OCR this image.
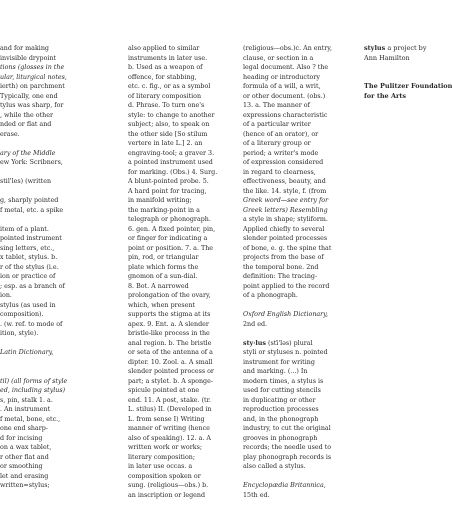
and for making
invisible drypoint
tions (glosses in the
ular, liturgical notes,
ierth) on parchment
Typically, one end
tylus was sharp, for
, while the other
nded or flat and
erase.
ary of the Middle
ew York: Scribners,
stil'les) (written
g, sharply pointed
f metal, etc. a spike
item of a plant.
pointed instrument
sing letters, etc.,
x tablet, stylus. b.
r of the stylus (i.e.
ion or practice of
; esp. as a branch of
ion.
stylus (as used in
composition).
. (w. ref. to mode of
ition, style).
Latin Dictionary,
til) (all forms of style
ed, including stylus)
s, pin, stalk 1. a.
. An instrument
f metal, bone, etc.,
one end sharp-
d for incising
on a wax tablet,
r other flat and
or smoothing
let and erasing
written=stylus;
also applied to similar
instruments in later use.
b. Used as a weapon of
offence, for stabbing,
etc. c. fig., or as a symbol
of literary composition
d. Phrase. To turn one's
style: to change to another
subject; also, to speak on
the other side [So stilum
vertere in late L.] 2. an
engraving-tool; a graver 3.
a pointed instrument used
for marking. (Obs.) 4. Surg.
A blunt-pointed probe. 5.
A hard point for tracing,
in manifold writing;
the marking-point in a
telegraph or phonograph.
6. gen. A fixed pointer, pin,
or finger for indicating a
point or position. 7. a. The
pin, rod, or triangular
plate which forms the
gnomon of a sun-dial.
8. Bot. A narrowed
prolongation of the ovary,
which, when present
supports the stigma at its
apex. 9. Ent. a. A slender
bristle-like process in the
anal region. b. The bristle
or seta of the antenna of a
dipter. 10. Zool. a. A small
slender pointed process or
part; a stylet. b. A sponge-
spicule pointed at one
end. 11. A post, stake. (tr.
L. stilus) II. (Developed in
L. from sense I) Writing
manner of writing (hence
also of speaking). 12. a. A
written work or works;
literary composition;
in later use occas. a
composition spoken or
sung. (religious—obs.) b.
an inscription or legend
(religious—obs.)c. An entry,
clause, or section in a
legal document. Also ? the
heading or introductory
formula of a will, a writ,
or other document. (obs.)
13. a. The manner of
expressions characteristic
of a particular writer
(hence of an orator), or
of a literary group or
period; a writer's mode
of expression considered
in regard to clearness,
effectiveness, beauty, and
the like. 14. style, f. (from
Greek word—see entry for
Greek letters) Resembling
a style in shape; styliform.
Applied chiefly to several
slender pointed processes
of bone, e. g. the spine that
projects from the base of
the temporal bone. 2nd
definition: The tracing-
point applied to the record
of a phonograph.
Oxford English Dictionary,
2nd ed.
sty·lus (stī'ləs) plural
styli or styluses n. pointed
instrument for writing
and marking. (...) In
modern times, a stylus is
used for cutting stencils
in duplicating or other
reproduction processes
and, in the phonograph
industry, to cut the original
grooves in phonograph
records; the needle used to
play phonograph records is
also called a stylus.
Encyclopædia Britannica,
15th ed.
stylus a project by
Ann Hamilton
The Pulitzer Foundation
for the Arts
